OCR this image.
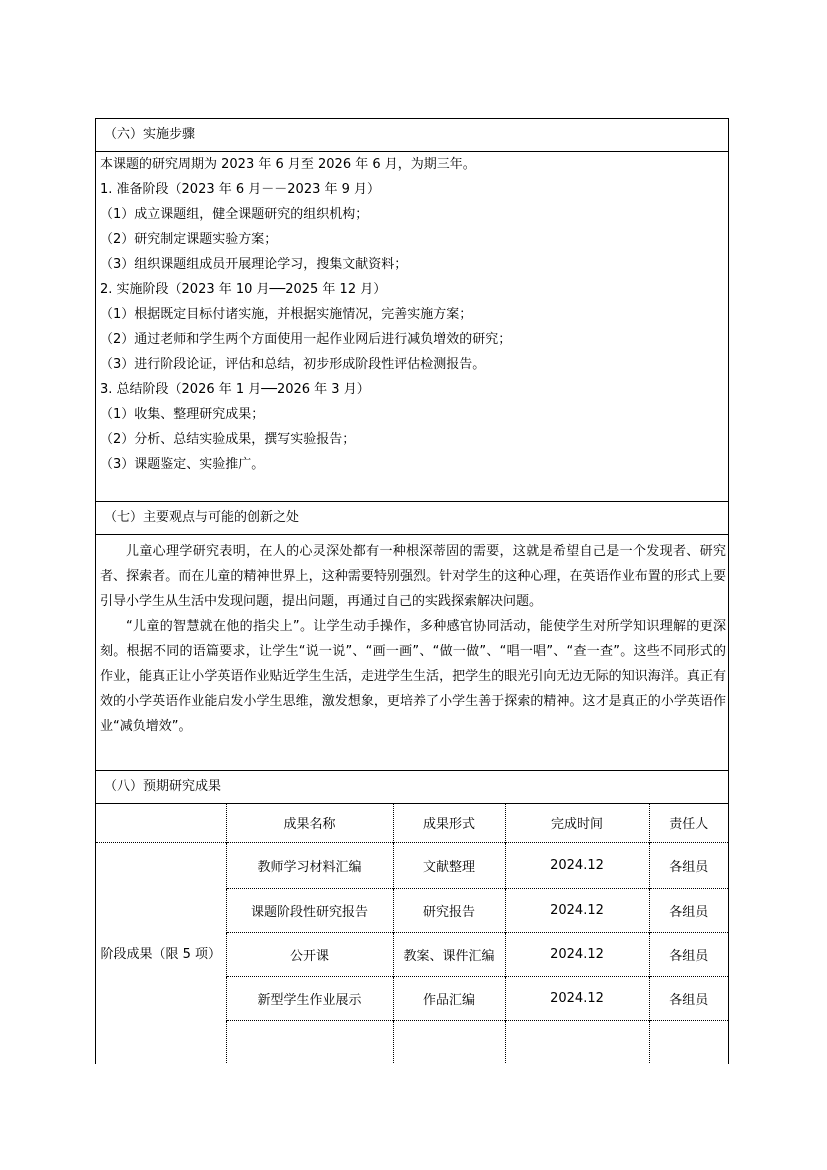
（六）实施步骤
本课题的研究周期为 2023 年 6 月至 2026 年 6 月，为期三年。
1. 准备阶段（2023 年 6 月－－2023 年 9 月）
（1）成立课题组，健全课题研究的组织机构；
（2）研究制定课题实验方案；
（3）组织课题组成员开展理论学习，搜集文献资料；
2. 实施阶段（2023 年 10 月──2025 年 12 月）
（1）根据既定目标付诸实施，并根据实施情况，完善实施方案；
（2）通过老师和学生两个方面使用一起作业网后进行减负增效的研究；
（3）进行阶段论证，评估和总结，初步形成阶段性评估检测报告。
3. 总结阶段（2026 年 1 月──2026 年 3 月）
（1）收集、整理研究成果；
（2）分析、总结实验成果，撰写实验报告；
（3）课题鉴定、实验推广。
（七）主要观点与可能的创新之处
儿童心理学研究表明，在人的心灵深处都有一种根深蒂固的需要，这就是希望自己是一个发现者、研究者、探索者。而在儿童的精神世界上，这种需要特别强烈。针对学生的这种心理，在英语作业布置的形式上要引导小学生从生活中发现问题，提出问题，再通过自己的实践探索解决问题。
“儿童的智慧就在他的指尖上”。让学生动手操作，多种感官协同活动，能使学生对所学知识理解的更深刻。根据不同的语篇要求，让学生“说一说”、“画一画”、“做一做”、“唱一唱”、“查一查”。这些不同形式的作业，能真正让小学英语作业贴近学生生活，走进学生生活，把学生的眼光引向无边无际的知识海洋。真正有效的小学英语作业能启发小学生思维，激发想象，更培养了小学生善于探索的精神。这才是真正的小学英语作业“减负增效”。
（八）预期研究成果
	成果名称	成果形式	完成时间	责任人
阶段成果（限 5 项）	教师学习材料汇编	文献整理	2024.12	各组员
	课题阶段性研究报告	研究报告	2024.12	各组员
	公开课	教案、课件汇编	2024.12	各组员
	新型学生作业展示	作品汇编	2024.12	各组员
